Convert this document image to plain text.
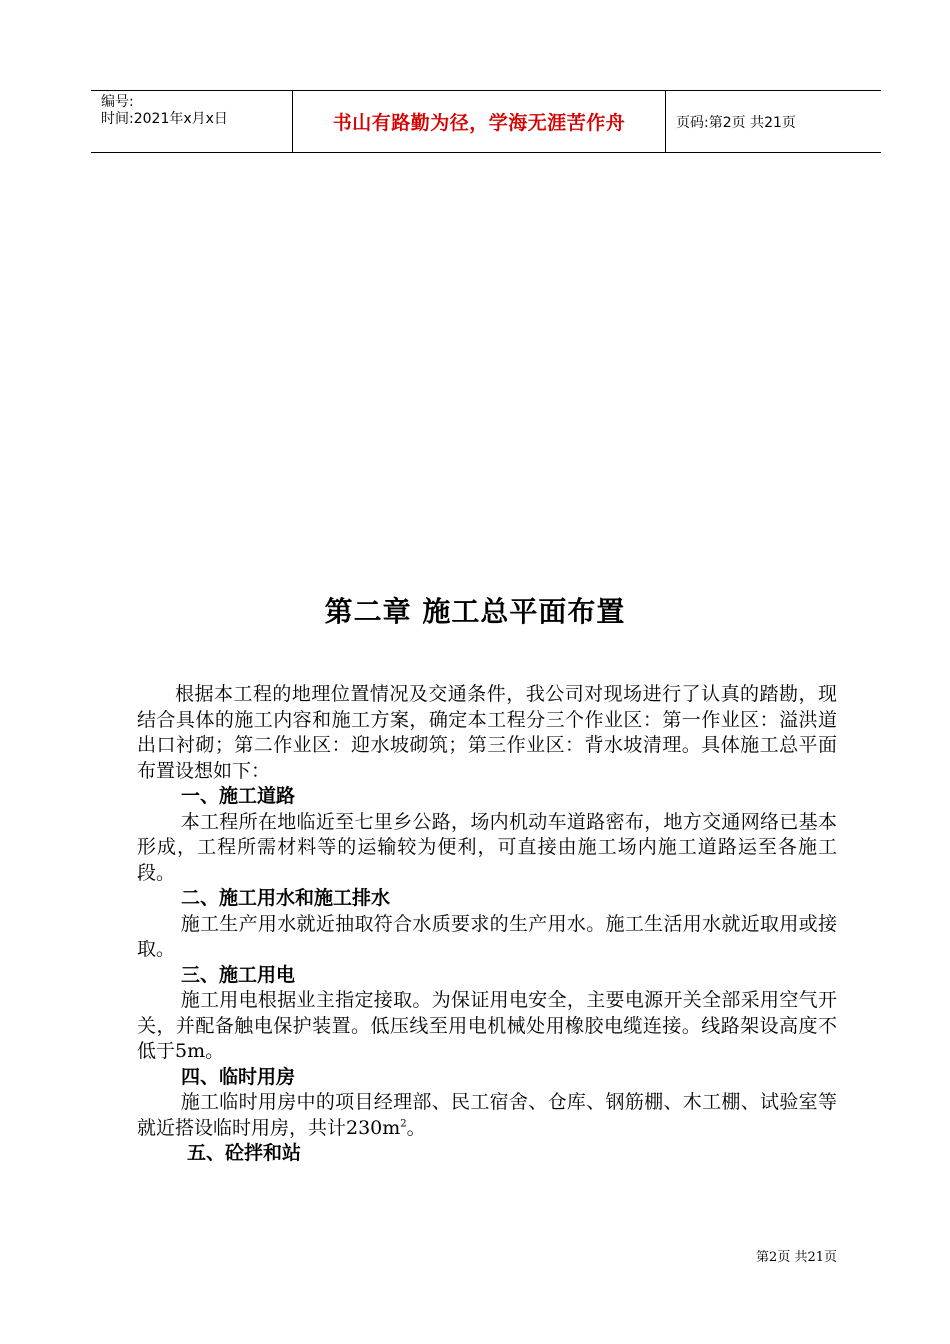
编号:
时间:2021年x月x日	书山有路勤为径，学海无涯苦作舟	页码:第2页 共21页
第二章 施工总平面布置

根据本工程的地理位置情况及交通条件，我公司对现场进行了认真的踏勘，现结合具体的施工内容和施工方案，确定本工程分三个作业区：第一作业区：溢洪道出口衬砌；第二作业区：迎水坡砌筑；第三作业区：背水坡清理。具体施工总平面布置设想如下：

一、施工道路

本工程所在地临近至七里乡公路，场内机动车道路密布，地方交通网络已基本形成，工程所需材料等的运输较为便利，可直接由施工场内施工道路运至各施工段。

二、施工用水和施工排水

施工生产用水就近抽取符合水质要求的生产用水。施工生活用水就近取用或接取。

三、施工用电

施工用电根据业主指定接取。为保证用电安全，主要电源开关全部采用空气开关，并配备触电保护装置。低压线至用电机械处用橡胶电缆连接。线路架设高度不低于5m。

四、临时用房

施工临时用房中的项目经理部、民工宿舍、仓库、钢筋棚、木工棚、试验室等就近搭设临时用房，共计$230m^2$。

五、砼拌和站
第2页 共21页
